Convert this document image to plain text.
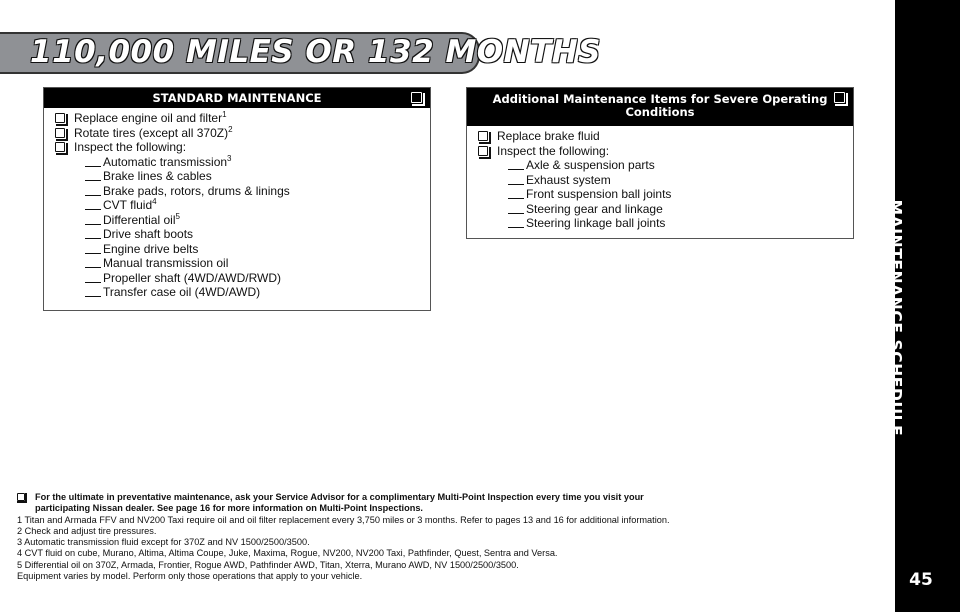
110,000 MILES OR 132 MONTHS
MAINTENANCE SCHEDULE
45
STANDARD MAINTENANCE
Replace engine oil and filter$^1$
Rotate tires (except all 370Z)$^2$
Inspect the following:
Automatic transmission$^3$
Brake lines & cables
Brake pads, rotors, drums & linings
CVT fluid$^4$
Differential oil$^5$
Drive shaft boots
Engine drive belts
Manual transmission oil
Propeller shaft (4WD/AWD/RWD)
Transfer case oil (4WD/AWD)
Additional Maintenance Items for Severe Operating
Conditions
Replace brake fluid
Inspect the following:
Axle & suspension parts
Exhaust system
Front suspension ball joints
Steering gear and linkage
Steering linkage ball joints
For the ultimate in preventative maintenance, ask your Service Advisor for a complimentary Multi-Point Inspection every time you visit your
participating Nissan dealer. See page 16 for more information on Multi-Point Inspections.
1 Titan and Armada FFV and NV200 Taxi require oil and oil filter replacement every 3,750 miles or 3 months. Refer to pages 13 and 16 for additional information.
2 Check and adjust tire pressures.
3 Automatic transmission fluid except for 370Z and NV 1500/2500/3500.
4 CVT fluid on cube, Murano, Altima, Altima Coupe, Juke, Maxima, Rogue, NV200, NV200 Taxi, Pathfinder, Quest, Sentra and Versa.
5 Differential oil on 370Z, Armada, Frontier, Rogue AWD, Pathfinder AWD, Titan, Xterra, Murano AWD, NV 1500/2500/3500.
Equipment varies by model. Perform only those operations that apply to your vehicle.
